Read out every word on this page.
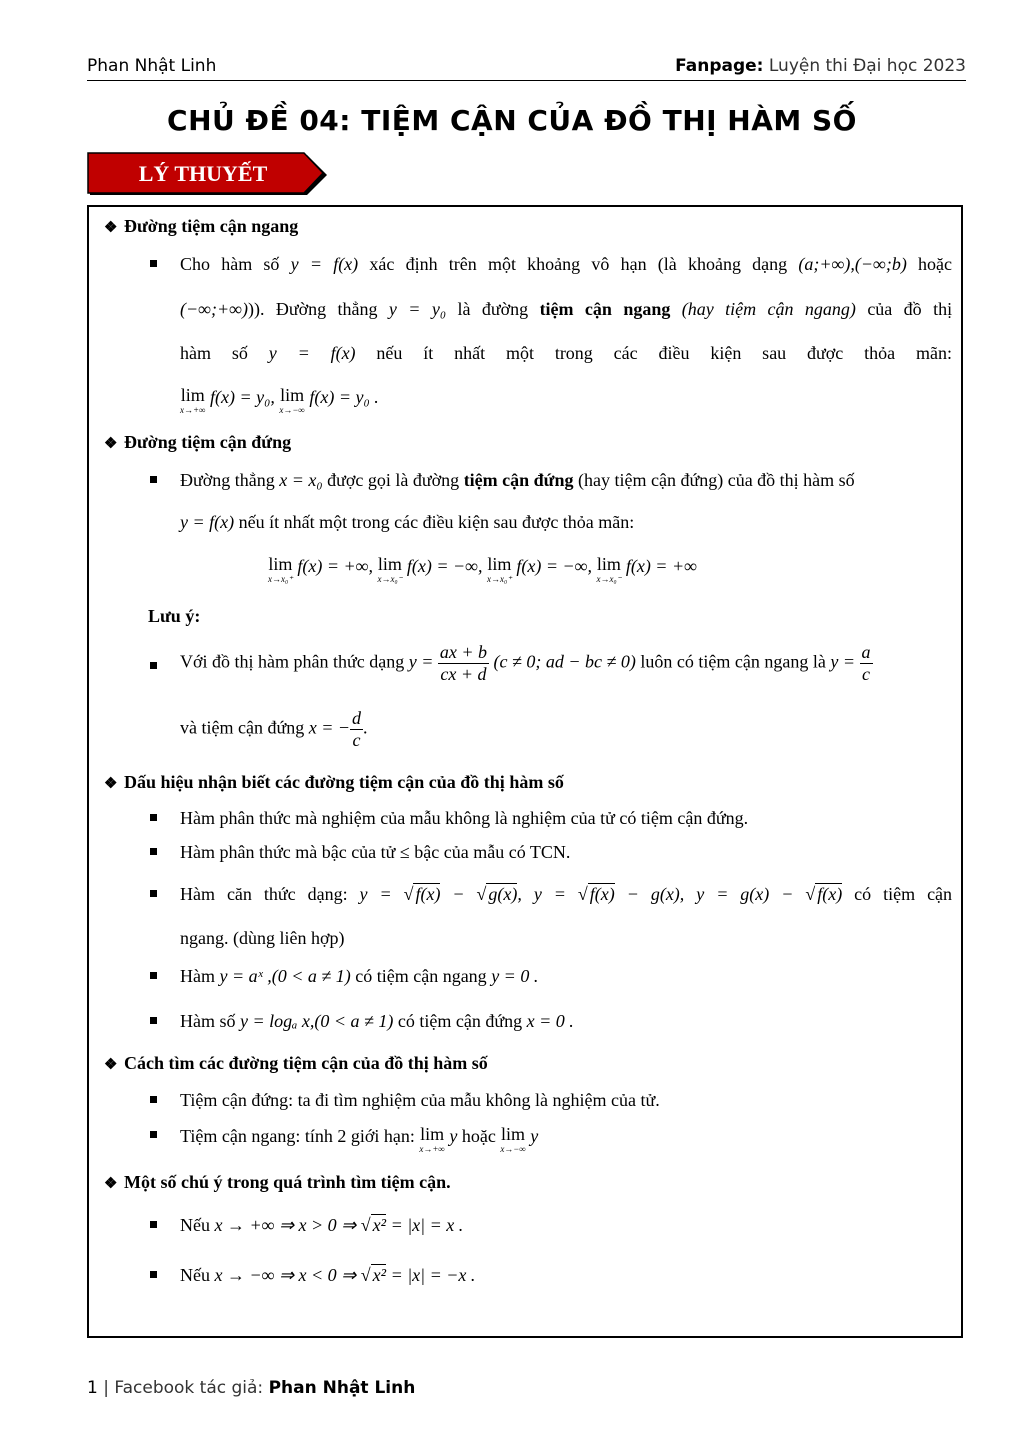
Phan Nhật Linh	Fanpage: Luyện thi Đại học 2023
CHỦ ĐỀ 04: TIỆM CẬN CỦA ĐỒ THỊ HÀM SỐ
LÝ THUYẾT
❖ Đường tiệm cận ngang
Cho hàm số y = f(x) xác định trên một khoảng vô hạn (là khoảng dạng (a;+∞),(−∞;b) hoặc
(−∞;+∞))). Đường thẳng y = y₀ là đường tiệm cận ngang (hay tiệm cận ngang) của đồ thị
hàm số y = f(x) nếu ít nhất một trong các điều kiện sau được thỏa mãn:
lim
x→+∞
f(x) = y₀, lim
x→−∞
f(x) = y₀ .
❖ Đường tiệm cận đứng
Đường thẳng x = x₀ được gọi là đường tiệm cận đứng (hay tiệm cận đứng) của đồ thị hàm số
y = f(x) nếu ít nhất một trong các điều kiện sau được thỏa mãn:
lim
x→x₀⁺
f(x) = +∞, lim
x→x₀⁻
f(x) = −∞, lim
x→x₀⁺
f(x) = −∞, lim
x→x₀⁻
f(x) = +∞
Lưu ý:
Với đồ thị hàm phân thức dạng $y = \frac{ax + b}{cx + d} (c \ne 0$; ad − bc ≠ 0) luôn có tiệm cận ngang là $y = \frac{a}{c}$
và tiệm cận đứng x = − $\frac{d}{c}$ .
❖ Dấu hiệu nhận biết các đường tiệm cận của đồ thị hàm số
Hàm phân thức mà nghiệm của mẫu không là nghiệm của tử có tiệm cận đứng.
Hàm phân thức mà bậc của tử ≤ bậc của mẫu có TCN.
Hàm căn thức dạng: y = √ f(x) − √ g(x), y = √ f(x) − g(x), y = g(x) − √ f(x) có tiệm cận
ngang. (dùng liên hợp)
Hàm y = aˣ ,(0 < a ≠ 1) có tiệm cận ngang y = 0 .
Hàm số y = logₐ x,(0 < a ≠ 1) có tiệm cận đứng x = 0 .
❖ Cách tìm các đường tiệm cận của đồ thị hàm số
Tiệm cận đứng: ta đi tìm nghiệm của mẫu không là nghiệm của tử.
Tiệm cận ngang: tính 2 giới hạn: lim
x→+∞
y hoặc lim
x→−∞
y
❖ Một số chú ý trong quá trình tìm tiệm cận.
Nếu x → +∞ ⇒ x > 0 ⇒ √ x² = |x| = x .
Nếu x → −∞ ⇒ x < 0 ⇒ √ x² = |x| = −x .
1 | Facebook tác giả: Phan Nhật Linh
